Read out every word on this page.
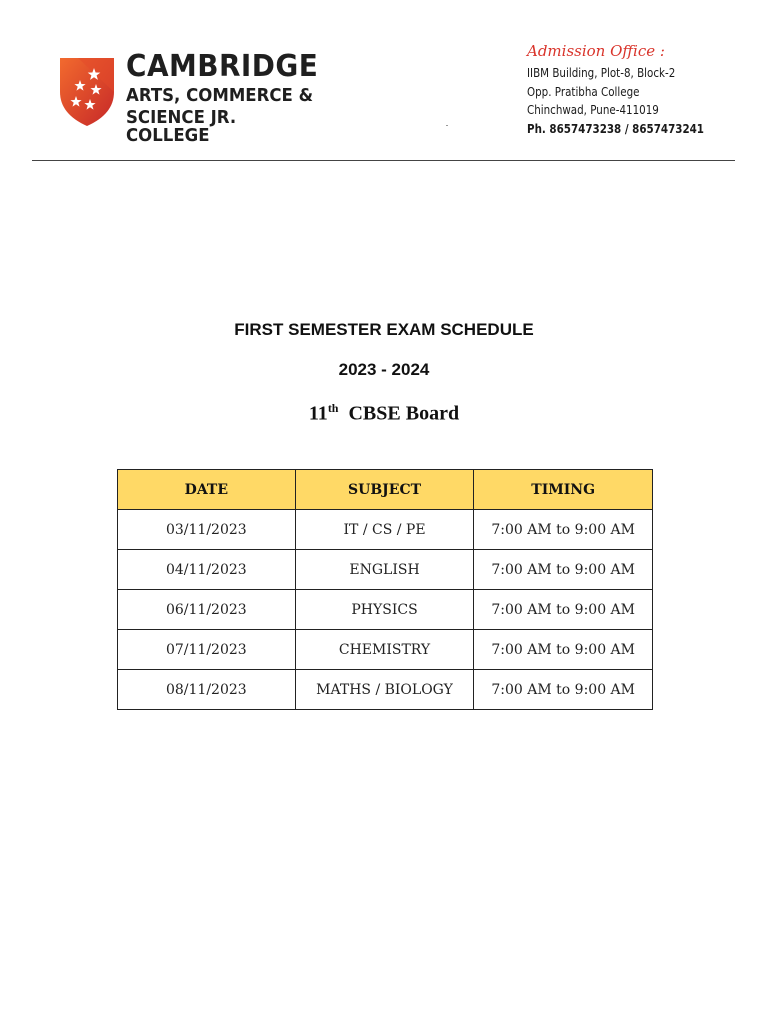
CAMBRIDGE
ARTS, COMMERCE &
SCIENCE JR. COLLEGE
Admission Office :
IIBM Building, Plot-8, Block-2
Opp. Pratibha College
Chinchwad, Pune-411019
Ph. 8657473238 / 8657473241
FIRST SEMESTER EXAM SCHEDULE
2023 - 2024
11th CBSE Board
DATE	SUBJECT	TIMING
03/11/2023	IT / CS / PE	7:00 AM to 9:00 AM
04/11/2023	ENGLISH	7:00 AM to 9:00 AM
06/11/2023	PHYSICS	7:00 AM to 9:00 AM
07/11/2023	CHEMISTRY	7:00 AM to 9:00 AM
08/11/2023	MATHS / BIOLOGY	7:00 AM to 9:00 AM
